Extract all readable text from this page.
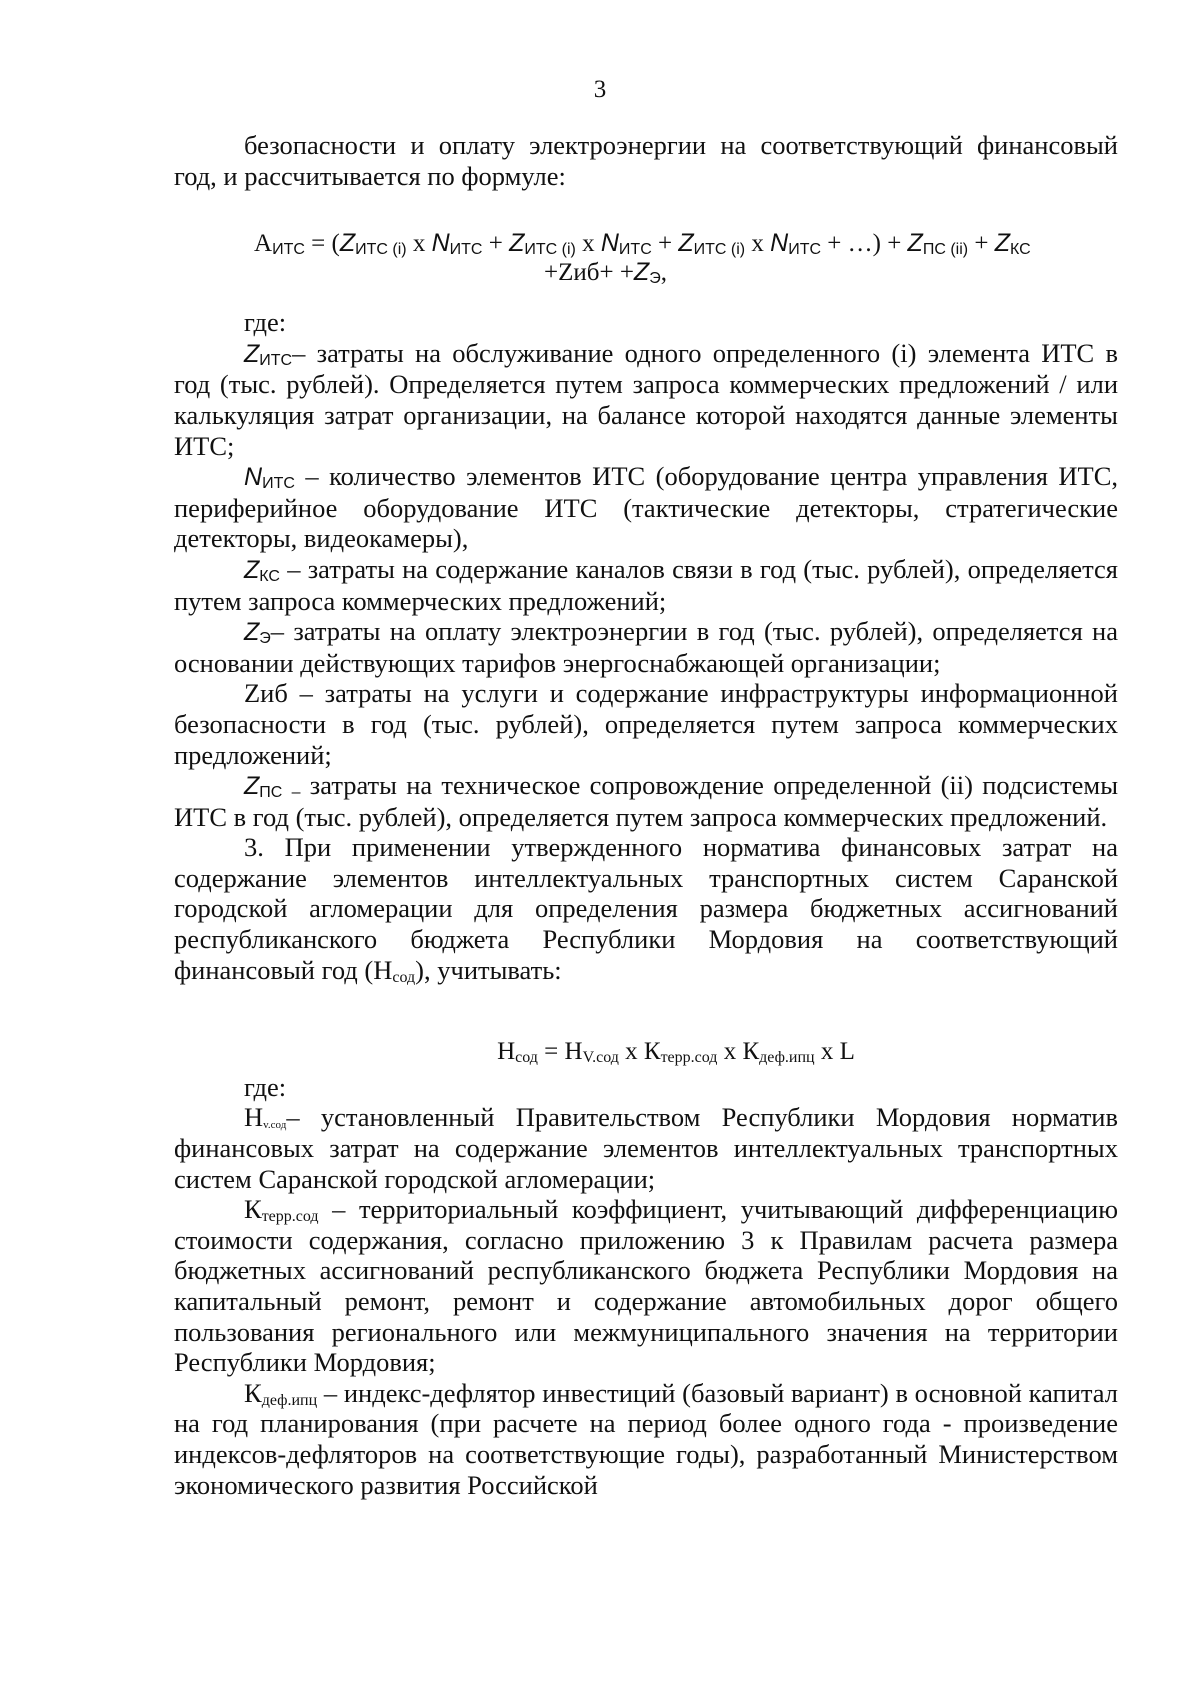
3

безопасности и оплату электроэнергии на соответствующий финансовый год, и рассчитывается по формуле:

$А_{ИТС} = (Z_{ИТС (i)}$ х $N_{ИТС} + Z_{ИТС (i)}$ х $N_{ИТС} + Z_{ИТС (i)}$ х $N_{ИТС}$ + …) + $Z_{ПС (ii)} + Z_{КС}$
$+Zиб+ +Z_Э$,

где:

$Z_{ИТС}-$ затраты на обслуживание одного определенного (i) элемента ИТС в год (тыс. рублей). Определяется путем запроса коммерческих предложений / или калькуляция затрат организации, на балансе которой находятся данные элементы ИТС;

$N_{ИТС}$ – количество элементов ИТС (оборудование центра управления ИТС, периферийное оборудование ИТС (тактические детекторы, стратегические детекторы, видеокамеры),

$Z_{КС}$ – затраты на содержание каналов связи в год (тыс. рублей), определяется путем запроса коммерческих предложений;

$Z_Э-$ затраты на оплату электроэнергии в год (тыс. рублей), определяется на основании действующих тарифов энергоснабжающей организации;

Zиб – затраты на услуги и содержание инфраструктуры информационной безопасности в год (тыс. рублей), определяется путем запроса коммерческих предложений;

$Z_{ПС}$ $_-$ затраты на техническое сопровождение определенной (ii) подсистемы ИТС в год (тыс. рублей), определяется путем запроса коммерческих предложений.

3. При применении утвержденного норматива финансовых затрат на содержание элементов интеллектуальных транспортных систем Саранской городской агломерации для определения размера бюджетных ассигнований республиканского бюджета Республики Мордовия на соответствующий финансовый год $(Н_{сод})$, учитывать:

$Н_{сод} = Н_{V.сод}$ х $К_{терр.сод}$ х $К_{деф.ипц}$ х L

где:

Нv.сод– установленный Правительством Республики Мордовия норматив финансовых затрат на содержание элементов интеллектуальных транспортных систем Саранской городской агломерации;

$К_{терр.сод}$ – территориальный коэффициент, учитывающий дифференциацию стоимости содержания, согласно приложению 3 к Правилам расчета размера бюджетных ассигнований республиканского бюджета Республики Мордовия на капитальный ремонт, ремонт и содержание автомобильных дорог общего пользования регионального или межмуниципального значения на территории Республики Мордовия;

$К_{деф.ипц}$ – индекс-дефлятор инвестиций (базовый вариант) в основной капитал на год планирования (при расчете на период более одного года - произведение индексов-дефляторов на соответствующие годы), разработанный Министерством экономического развития Российской
